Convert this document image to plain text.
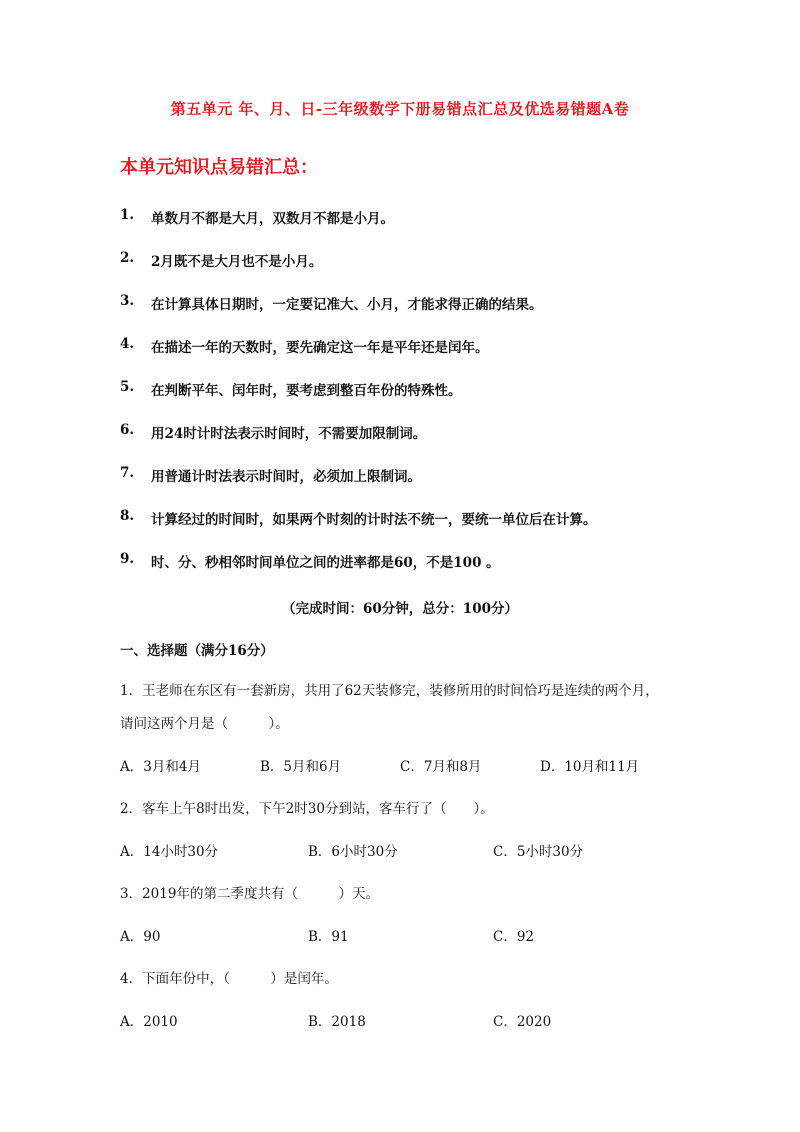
第五单元 年、月、日-三年级数学下册易错点汇总及优选易错题A卷
本单元知识点易错汇总：
1.	单数月不都是大月，双数月不都是小月。
2.	2月既不是大月也不是小月。
3.	在计算具体日期时，一定要记准大、小月，才能求得正确的结果。
4.	在描述一年的天数时，要先确定这一年是平年还是闰年。
5.	在判断平年、闰年时，要考虑到整百年份的特殊性。
6.	用24时计时法表示时间时，不需要加限制词。
7.	用普通计时法表示时间时，必须加上限制词。
8.	计算经过的时间时，如果两个时刻的计时法不统一，要统一单位后在计算。
9.	时、分、秒相邻时间单位之间的进率都是60，不是100 。
（完成时间：60分钟，总分：100分）
一、选择题（满分16分）
1．王老师在东区有一套新房，共用了62天装修完，装修所用的时间恰巧是连续的两个月，
请问这两个月是（　　　）。
A．3月和4月	B．5月和6月	C．7月和8月	D．10月和11月
2．客车上午8时出发，下午2时30分到站，客车行了（　　）。
A．14小时30分	B．6小时30分	C．5小时30分
3．2019年的第二季度共有（　　　）天。
A．90	B．91	C．92
4．下面年份中，（　　　）是闰年。
A．2010	B．2018	C．2020
